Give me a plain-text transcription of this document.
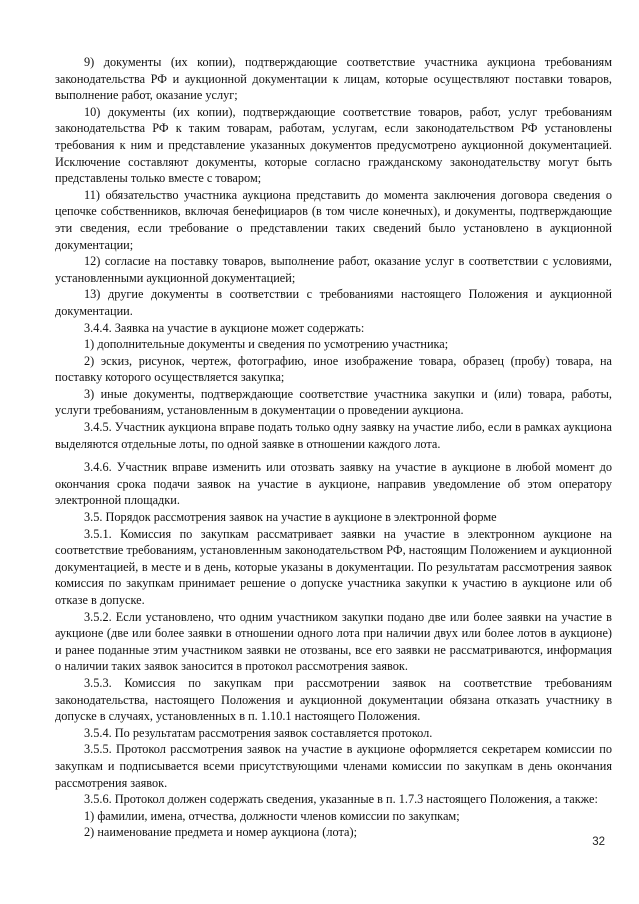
9) документы (их копии), подтверждающие соответствие участника аукциона требованиям законодательства РФ и аукционной документации к лицам, которые осуществляют поставки товаров, выполнение работ, оказание услуг;

10) документы (их копии), подтверждающие соответствие товаров, работ, услуг требованиям законодательства РФ к таким товарам, работам, услугам, если законодательством РФ установлены требования к ним и представление указанных документов предусмотрено аукционной документацией. Исключение составляют документы, которые согласно гражданскому законодательству могут быть представлены только вместе с товаром;

11) обязательство участника аукциона представить до момента заключения договора сведения о цепочке собственников, включая бенефициаров (в том числе конечных), и документы, подтверждающие эти сведения, если требование о представлении таких сведений было установлено в аукционной документации;

12) согласие на поставку товаров, выполнение работ, оказание услуг в соответствии с условиями, установленными аукционной документацией;

13) другие документы в соответствии с требованиями настоящего Положения и аукционной документации.

3.4.4. Заявка на участие в аукционе может содержать:

1) дополнительные документы и сведения по усмотрению участника;

2) эскиз, рисунок, чертеж, фотографию, иное изображение товара, образец (пробу) товара, на поставку которого осуществляется закупка;

3) иные документы, подтверждающие соответствие участника закупки и (или) товара, работы, услуги требованиям, установленным в документации о проведении аукциона.

3.4.5. Участник аукциона вправе подать только одну заявку на участие либо, если в рамках аукциона выделяются отдельные лоты, по одной заявке в отношении каждого лота.

3.4.6. Участник вправе изменить или отозвать заявку на участие в аукционе в любой момент до окончания срока подачи заявок на участие в аукционе, направив уведомление об этом оператору электронной площадки.

3.5. Порядок рассмотрения заявок на участие в аукционе в электронной форме

3.5.1. Комиссия по закупкам рассматривает заявки на участие в электронном аукционе на соответствие требованиям, установленным законодательством РФ, настоящим Положением и аукционной документацией, в месте и в день, которые указаны в документации. По результатам рассмотрения заявок комиссия по закупкам принимает решение о допуске участника закупки к участию в аукционе или об отказе в допуске.

3.5.2. Если установлено, что одним участником закупки подано две или более заявки на участие в аукционе (две или более заявки в отношении одного лота при наличии двух или более лотов в аукционе) и ранее поданные этим участником заявки не отозваны, все его заявки не рассматриваются, информация о наличии таких заявок заносится в протокол рассмотрения заявок.

3.5.3. Комиссия по закупкам при рассмотрении заявок на соответствие требованиям законодательства, настоящего Положения и аукционной документации обязана отказать участнику в допуске в случаях, установленных в п. 1.10.1 настоящего Положения.

3.5.4. По результатам рассмотрения заявок составляется протокол.

3.5.5. Протокол рассмотрения заявок на участие в аукционе оформляется секретарем комиссии по закупкам и подписывается всеми присутствующими членами комиссии по закупкам в день окончания рассмотрения заявок.

3.5.6. Протокол должен содержать сведения, указанные в п. 1.7.3 настоящего Положения, а также:

1) фамилии, имена, отчества, должности членов комиссии по закупкам;

2) наименование предмета и номер аукциона (лота);

32
